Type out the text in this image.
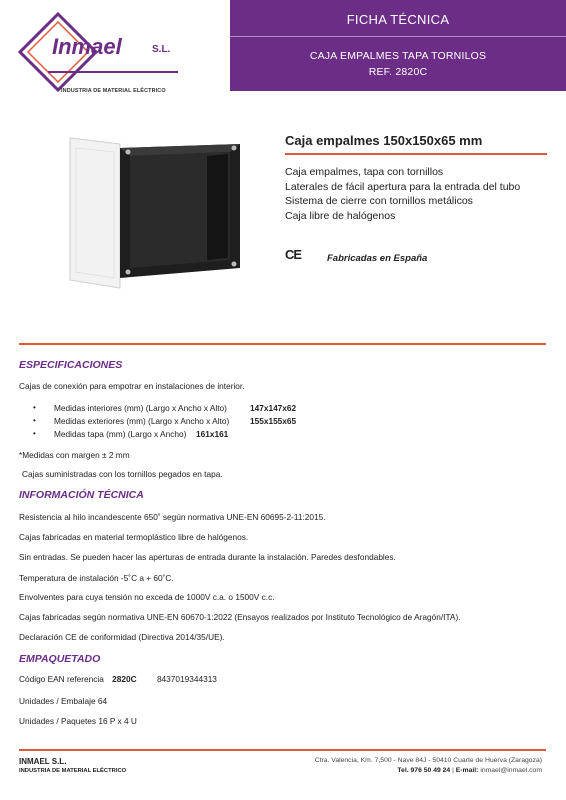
FICHA TÉCNICA
CAJA EMPALMES TAPA TORNILOS
REF. 2820C
Inmael	S.L.
INDUSTRIA DE MATERIAL ELÉCTRICO
Caja empalmes 150x150x65 mm
Caja empalmes, tapa con tornillos
Laterales de fácil apertura para la entrada del tubo
Sistema de cierre con tornillos metálicos
Caja libre de halógenos
CE	Fabricadas en España
ESPECIFICACIONES
Cajas de conexión para empotrar en instalaciones de interior.
• Medidas interiores (mm) (Largo x Ancho x Alto)	147x147x62
• Medidas exteriores (mm) (Largo x Ancho x Alto)	155x155x65
• Medidas tapa (mm) (Largo x Ancho) 161x161
*Medidas con margen ± 2 mm
Cajas suministradas con los tornillos pegados en tapa.
INFORMACIÓN TÉCNICA
Resistencia al hilo incandescente 650˚ según normativa UNE-EN 60695-2-11:2015.
Cajas fabricadas en material termoplástico libre de halógenos.
Sin entradas. Se pueden hacer las aperturas de entrada durante la instalación. Paredes desfondables.
Temperatura de instalación -5˚C a + 60˚C.
Envolventes para cuya tensión no exceda de 1000V c.a. o 1500V c.c.
Cajas fabricadas según normativa UNE-EN 60670-1:2022 (Ensayos realizados por Instituto Tecnológico de Aragón/ITA).
Declaración CE de conformidad (Directiva 2014/35/UE).
EMPAQUETADO
Código EAN referencia 2820C 8437019344313
Unidades / Embalaje 64
Unidades / Paquetes 16 P x 4 U
INMAEL S.L.
INDUSTRIA DE MATERIAL ELÉCTRICO
Ctra. Valencia, Km. 7,500 - Nave 84J - 50410 Cuarte de Huerva (Zaragoza)
Tel. 976 50 49 24 | E-mail: inmael@inmael.com
